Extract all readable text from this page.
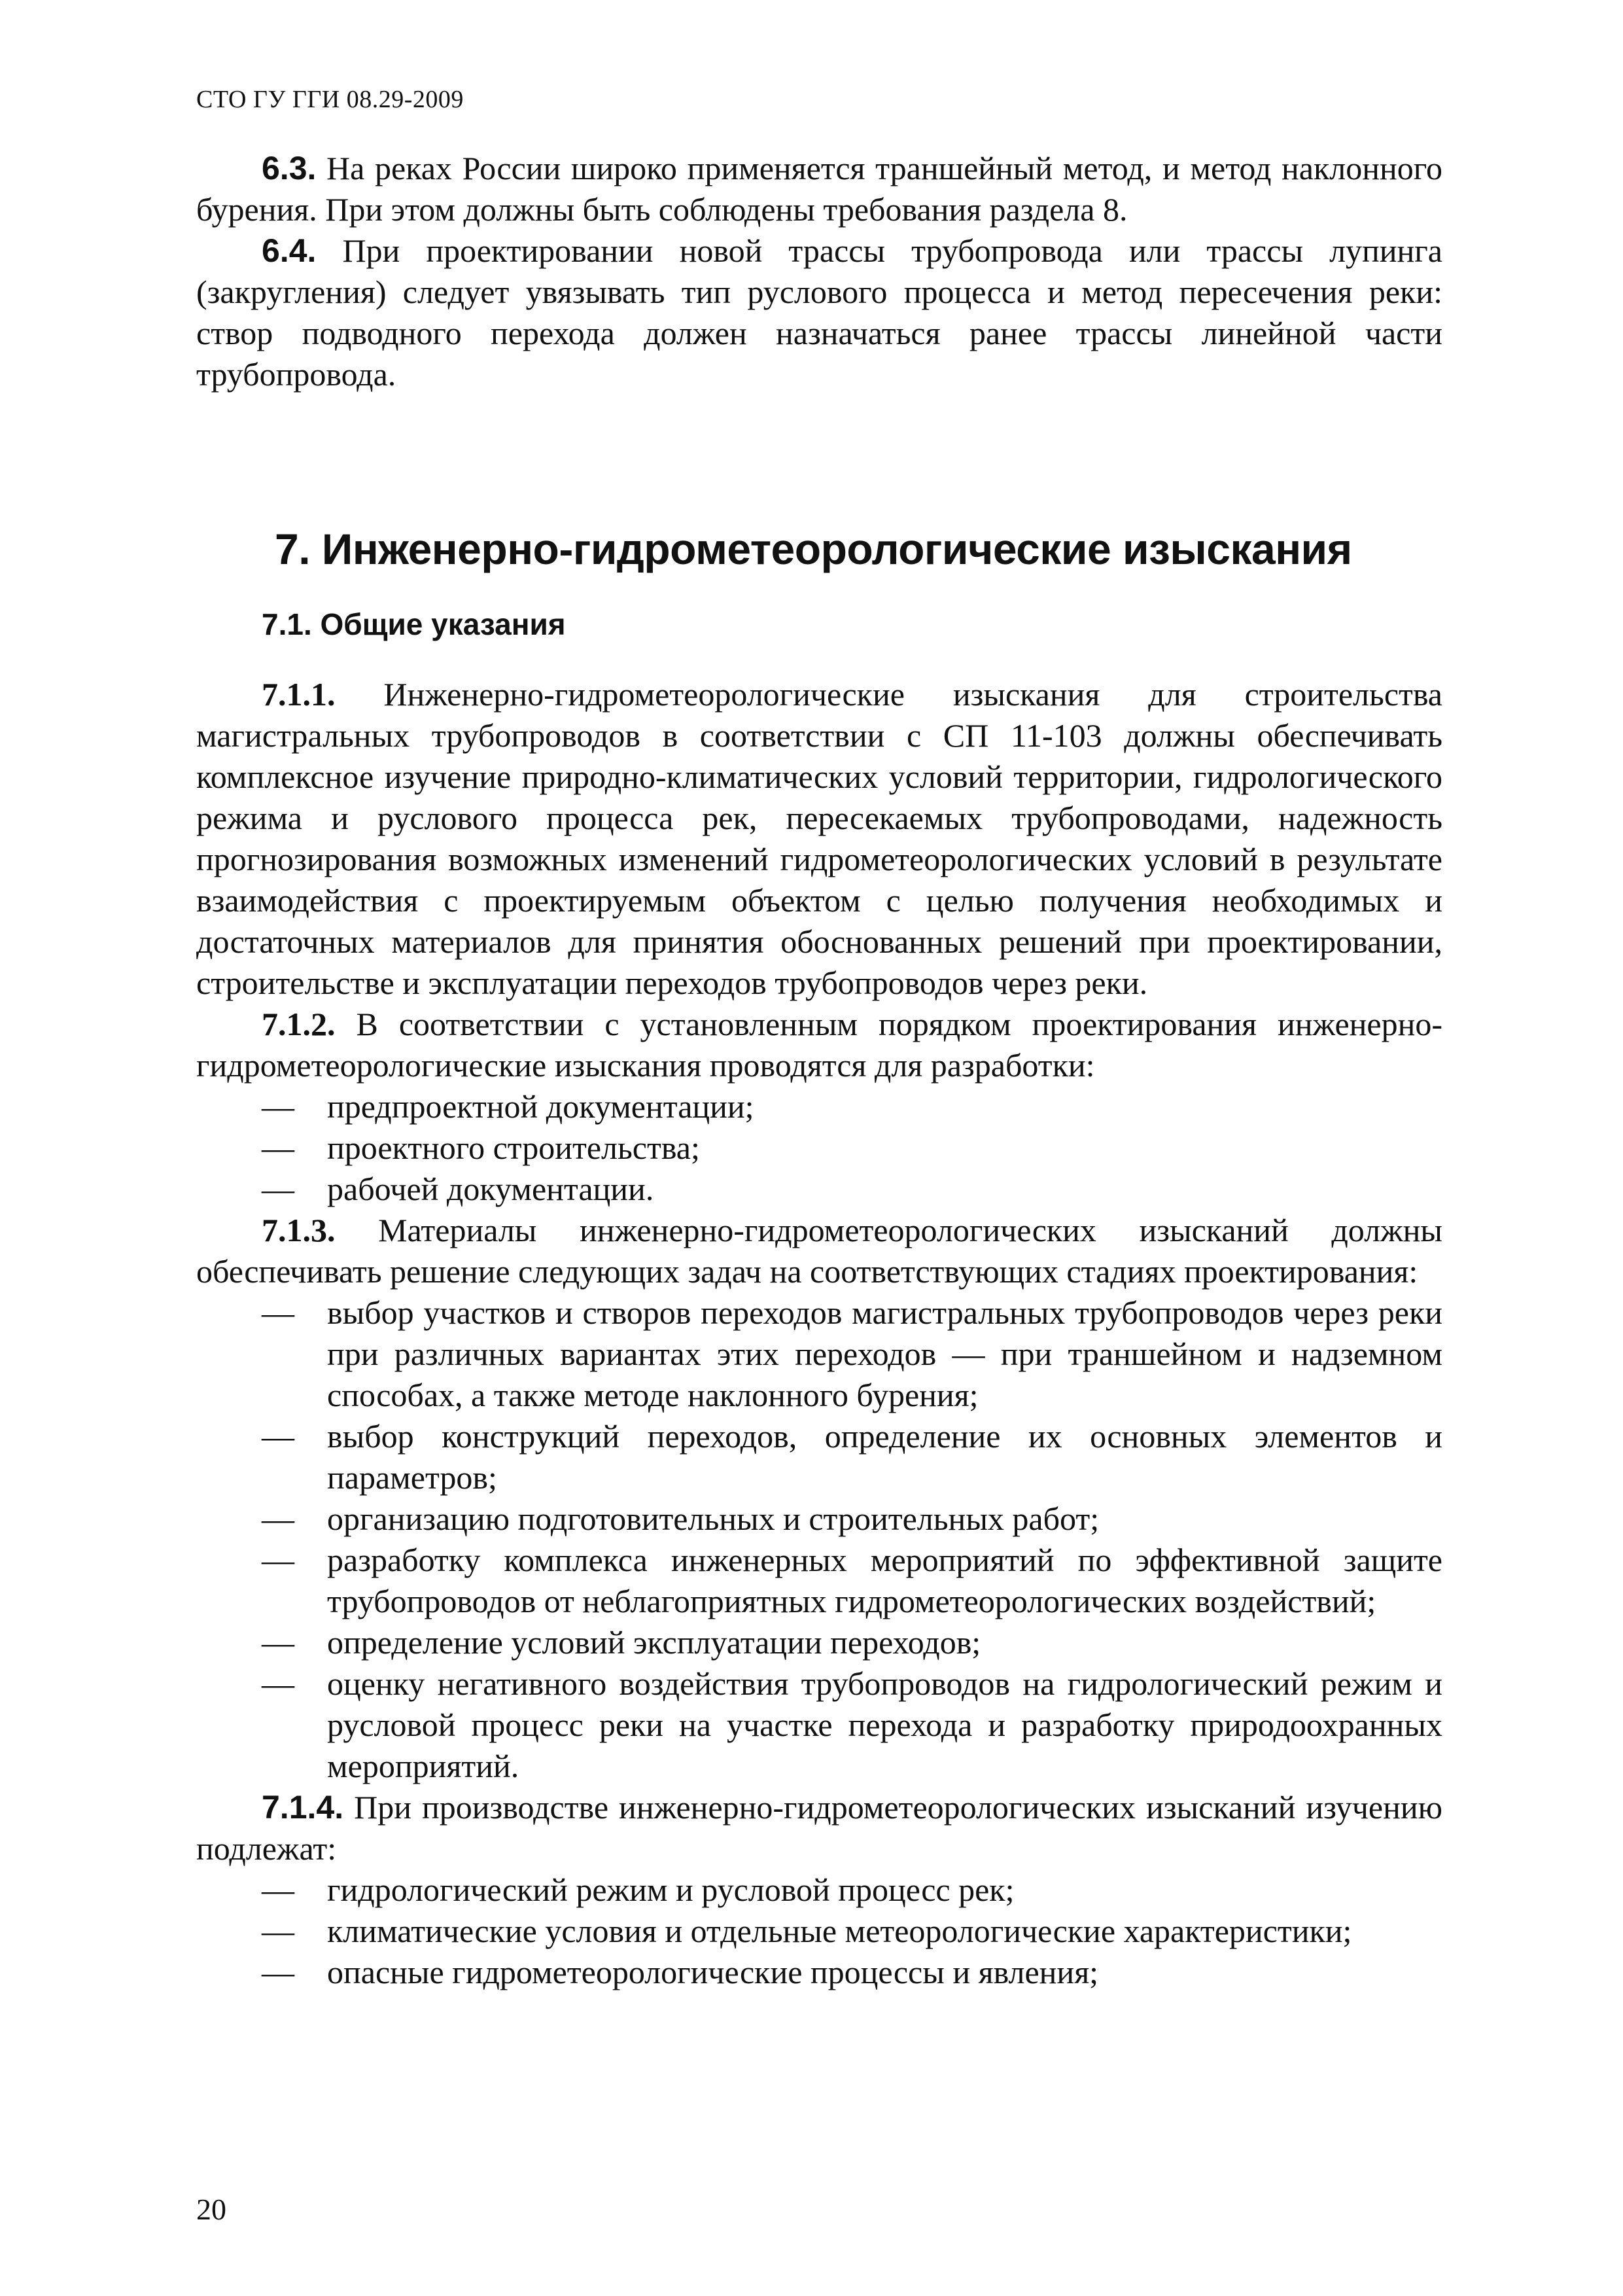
СТО ГУ ГГИ 08.29-2009

6.3. На реках России широко применяется траншейный метод, и метод наклонного бурения. При этом должны быть соблюдены требования раздела 8.

6.4. При проектировании новой трассы трубопровода или трассы лупинга (закругления) следует увязывать тип руслового процесса и метод пересечения реки: створ подводного перехода должен назначаться ранее трассы линейной части трубопровода.

7. Инженерно-гидрометеорологические изыскания
7.1. Общие указания

7.1.1. Инженерно-гидрометеорологические изыскания для строительства магистральных трубопроводов в соответствии с СП 11-103 должны обеспечивать комплексное изучение природно-климатических условий территории, гидрологического режима и руслового процесса рек, пересекаемых трубопроводами, надежность прогнозирования возможных изменений гидрометеорологических условий в результате взаимодействия с проектируемым объектом с целью получения необходимых и достаточных материалов для принятия обоснованных решений при проектировании, строительстве и эксплуатации переходов трубопроводов через реки.

7.1.2. В соответствии с установленным порядком проектирования инженерно-гидрометеорологические изыскания проводятся для разработки:

—	предпроектной документации;
—	проектного строительства;
—	рабочей документации.

7.1.3. Материалы инженерно-гидрометеорологических изысканий должны обеспечивать решение следующих задач на соответствующих стадиях проектирования:

—	выбор участков и створов переходов магистральных трубопроводов через реки при различных вариантах этих переходов — при траншейном и надземном способах, а также методе наклонного бурения;
—	выбор конструкций переходов, определение их основных элементов и параметров;
—	организацию подготовительных и строительных работ;
—	разработку комплекса инженерных мероприятий по эффективной защите трубопроводов от неблагоприятных гидрометеорологических воздействий;
—	определение условий эксплуатации переходов;
—	оценку негативного воздействия трубопроводов на гидрологический режим и русловой процесс реки на участке перехода и разработку природоохранных мероприятий.

7.1.4. При производстве инженерно-гидрометеорологических изысканий изучению подлежат:

—	гидрологический режим и русловой процесс рек;
—	климатические условия и отдельные метеорологические характеристики;
—	опасные гидрометеорологические процессы и явления;
20
